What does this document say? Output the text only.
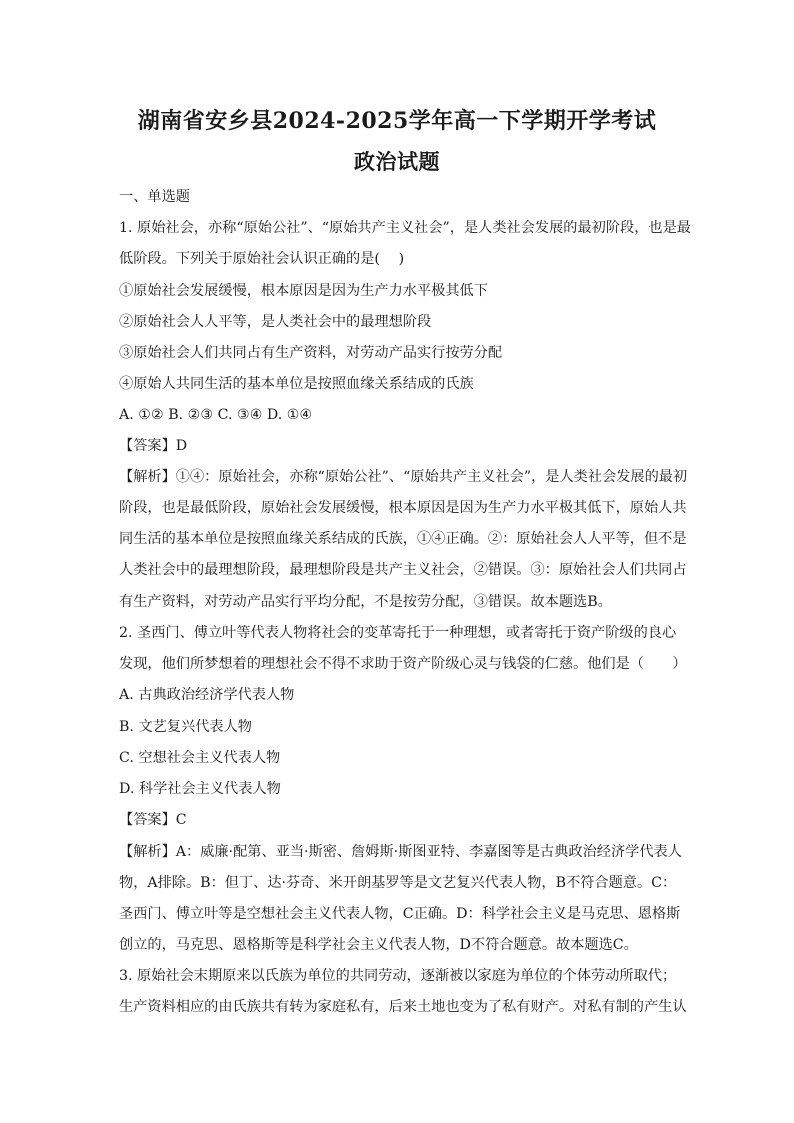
湖南省安乡县2024-2025学年高一下学期开学考试
政治试题
一、单选题
1. 原始社会，亦称“原始公社”、“原始共产主义社会”，是人类社会发展的最初阶段，也是最
低阶段。下列关于原始社会认识正确的是(　 )
①原始社会发展缓慢，根本原因是因为生产力水平极其低下
②原始社会人人平等，是人类社会中的最理想阶段
③原始社会人们共同占有生产资料，对劳动产品实行按劳分配
④原始人共同生活的基本单位是按照血缘关系结成的氏族
A. ①② B. ②③ C. ③④ D. ①④
【答案】D
【解析】①④：原始社会，亦称“原始公社”、“原始共产主义社会”，是人类社会发展的最初
阶段，也是最低阶段，原始社会发展缓慢，根本原因是因为生产力水平极其低下，原始人共
同生活的基本单位是按照血缘关系结成的氏族，①④正确。②：原始社会人人平等，但不是
人类社会中的最理想阶段，最理想阶段是共产主义社会，②错误。③：原始社会人们共同占
有生产资料，对劳动产品实行平均分配，不是按劳分配，③错误。故本题选B。
2. 圣西门、傅立叶等代表人物将社会的变革寄托于一种理想，或者寄托于资产阶级的良心
发现，他们所梦想着的理想社会不得不求助于资产阶级心灵与钱袋的仁慈。他们是（　　）
A. 古典政治经济学代表人物
B. 文艺复兴代表人物
C. 空想社会主义代表人物
D. 科学社会主义代表人物
【答案】C
【解析】A：威廉·配第、亚当·斯密、詹姆斯·斯图亚特、李嘉图等是古典政治经济学代表人
物，A排除。B：但丁、达·芬奇、米开朗基罗等是文艺复兴代表人物，B不符合题意。C：
圣西门、傅立叶等是空想社会主义代表人物，C正确。D：科学社会主义是马克思、恩格斯
创立的，马克思、恩格斯等是科学社会主义代表人物，D不符合题意。故本题选C。
3. 原始社会末期原来以氏族为单位的共同劳动，逐渐被以家庭为单位的个体劳动所取代；
生产资料相应的由氏族共有转为家庭私有，后来土地也变为了私有财产。对私有制的产生认
